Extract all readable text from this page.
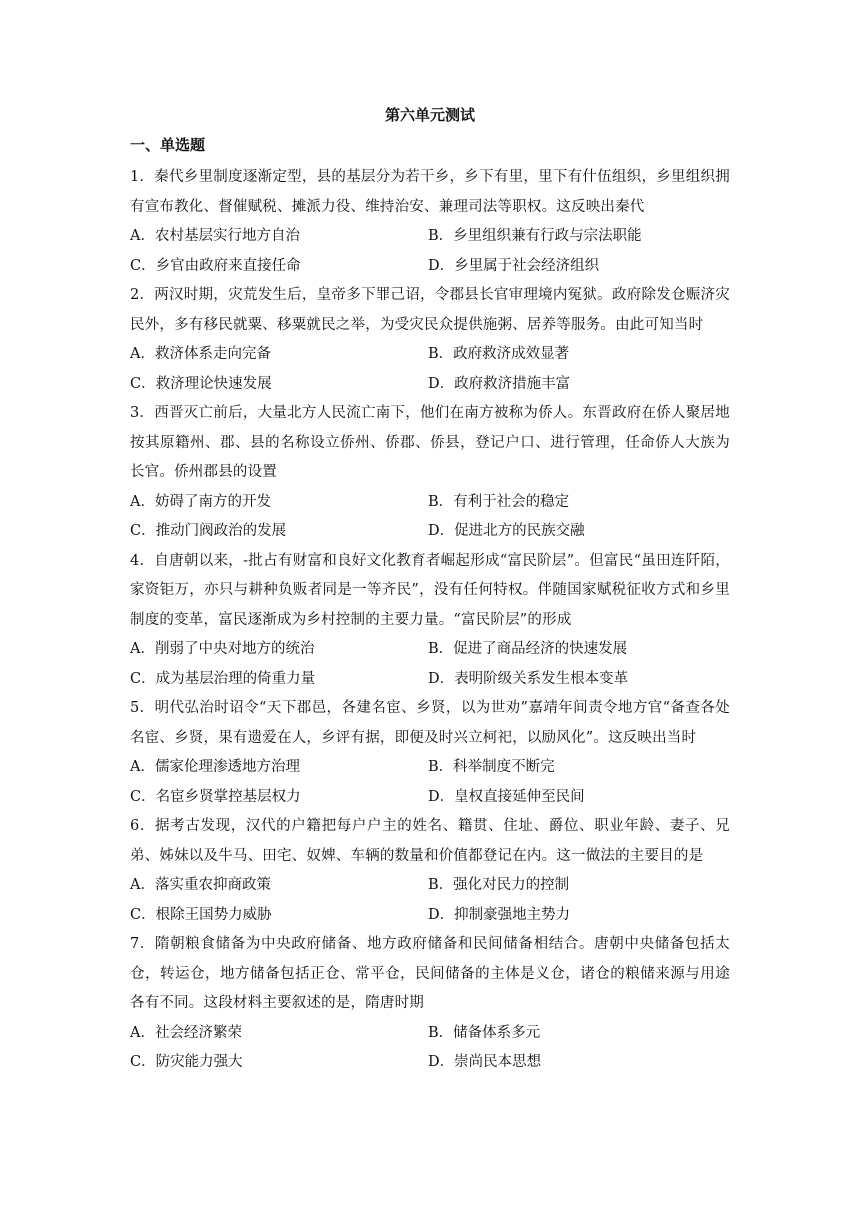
第六单元测试
一、单选题
1．秦代乡里制度逐渐定型，县的基层分为若干乡，乡下有里，里下有什伍组织，乡里组织拥有宣布教化、督催赋税、摊派力役、维持治安、兼理司法等职权。这反映出秦代
A．农村基层实行地方自治	B．乡里组织兼有行政与宗法职能
C．乡官由政府来直接任命	D．乡里属于社会经济组织
2．两汉时期，灾荒发生后，皇帝多下罪己诏，令郡县长官审理境内冤狱。政府除发仓赈济灾民外，多有移民就粟、移粟就民之举，为受灾民众提供施粥、居养等服务。由此可知当时
A．救济体系走向完备	B．政府救济成效显著
C．救济理论快速发展	D．政府救济措施丰富
3．西晋灭亡前后，大量北方人民流亡南下，他们在南方被称为侨人。东晋政府在侨人聚居地按其原籍州、郡、县的名称设立侨州、侨郡、侨县，登记户口、进行管理，任命侨人大族为长官。侨州郡县的设置
A．妨碍了南方的开发	B．有利于社会的稳定
C．推动门阀政治的发展	D．促进北方的民族交融
4．自唐朝以来，-批占有财富和良好文化教育者崛起形成“富民阶层”。但富民“虽田连阡陌，家资钜万，亦只与耕种负贩者同是一等齐民”，没有任何特权。伴随国家赋税征收方式和乡里制度的变革，富民逐渐成为乡村控制的主要力量。“富民阶层”的形成
A．削弱了中央对地方的统治	B．促进了商品经济的快速发展
C．成为基层治理的倚重力量	D．表明阶级关系发生根本变革
5．明代弘治时诏令“天下郡邑，各建名宦、乡贤，以为世劝”嘉靖年间责令地方官“备查各处名宦、乡贤，果有遗爱在人，乡评有据，即便及时兴立柯祀，以励风化”。这反映出当时
A．儒家伦理渗透地方治理	B．科举制度不断完
C．名宦乡贤掌控基层权力	D．皇权直接延伸至民间
6．据考古发现，汉代的户籍把每户户主的姓名、籍贯、住址、爵位、职业年龄、妻子、兄弟、姊妹以及牛马、田宅、奴婢、车辆的数量和价值都登记在内。这一做法的主要目的是
A．落实重农抑商政策	B．强化对民力的控制
C．根除王国势力威胁	D．抑制豪强地主势力
7．隋朝粮食储备为中央政府储备、地方政府储备和民间储备相结合。唐朝中央储备包括太仓，转运仓，地方储备包括正仓、常平仓，民间储备的主体是义仓，诸仓的粮储来源与用途各有不同。这段材料主要叙述的是，隋唐时期
A．社会经济繁荣	B．储备体系多元
C．防灾能力强大	D．崇尚民本思想
